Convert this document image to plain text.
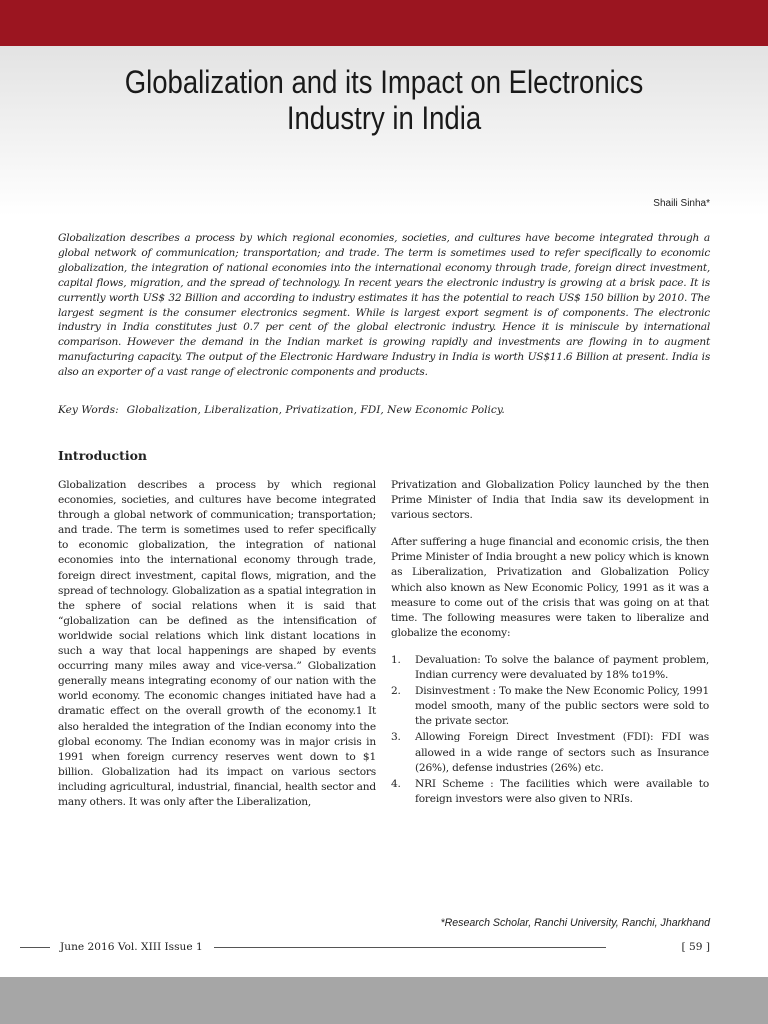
Globalization and its Impact on Electronics Industry in India
Shaili Sinha*

Globalization describes a process by which regional economies, societies, and cultures have become integrated through a global network of communication; transportation; and trade. The term is sometimes used to refer specifically to economic globalization, the integration of national economies into the international economy through trade, foreign direct investment, capital flows, migration, and the spread of technology. In recent years the electronic industry is growing at a brisk pace. It is currently worth US$ 32 Billion and according to industry estimates it has the potential to reach US$ 150 billion by 2010. The largest segment is the consumer electronics segment. While is largest export segment is of components. The electronic industry in India constitutes just 0.7 per cent of the global electronic industry. Hence it is miniscule by international comparison. However the demand in the Indian market is growing rapidly and investments are flowing in to augment manufacturing capacity. The output of the Electronic Hardware Industry in India is worth US$11.6 Billion at present. India is also an exporter of a vast range of electronic components and products.

Key Words: Globalization, Liberalization, Privatization, FDI, New Economic Policy.

Introduction

Globalization describes a process by which regional economies, societies, and cultures have become integrated through a global network of communication; transportation; and trade. The term is sometimes used to refer specifically to economic globalization, the integration of national economies into the international economy through trade, foreign direct investment, capital flows, migration, and the spread of technology. Globalization as a spatial integration in the sphere of social relations when it is said that “globalization can be defined as the intensification of worldwide social relations which link distant locations in such a way that local happenings are shaped by events occurring many miles away and vice-versa.” Globalization generally means integrating economy of our nation with the world economy. The economic changes initiated have had a dramatic effect on the overall growth of the economy.1 It also heralded the integration of the Indian economy into the global economy. The Indian economy was in major crisis in 1991 when foreign currency reserves went down to $1 billion. Globalization had its impact on various sectors including agricultural, industrial, financial, health sector and many others. It was only after the Liberalization,

Privatization and Globalization Policy launched by the then Prime Minister of India that India saw its development in various sectors.

After suffering a huge financial and economic crisis, the then Prime Minister of India brought a new policy which is known as Liberalization, Privatization and Globalization Policy which also known as New Economic Policy, 1991 as it was a measure to come out of the crisis that was going on at that time. The following measures were taken to liberalize and globalize the economy:

1. Devaluation: To solve the balance of payment problem, Indian currency were devaluated by 18% to19%.
2. Disinvestment : To make the New Economic Policy, 1991 model smooth, many of the public sectors were sold to the private sector.
3. Allowing Foreign Direct Investment (FDI): FDI was allowed in a wide range of sectors such as Insurance (26%), defense industries (26%) etc.
4. NRI Scheme : The facilities which were available to foreign investors were also given to NRIs.
*Research Scholar, Ranchi University, Ranchi, Jharkhand
June 2016 Vol. XIII Issue 1	[ 59 ]
